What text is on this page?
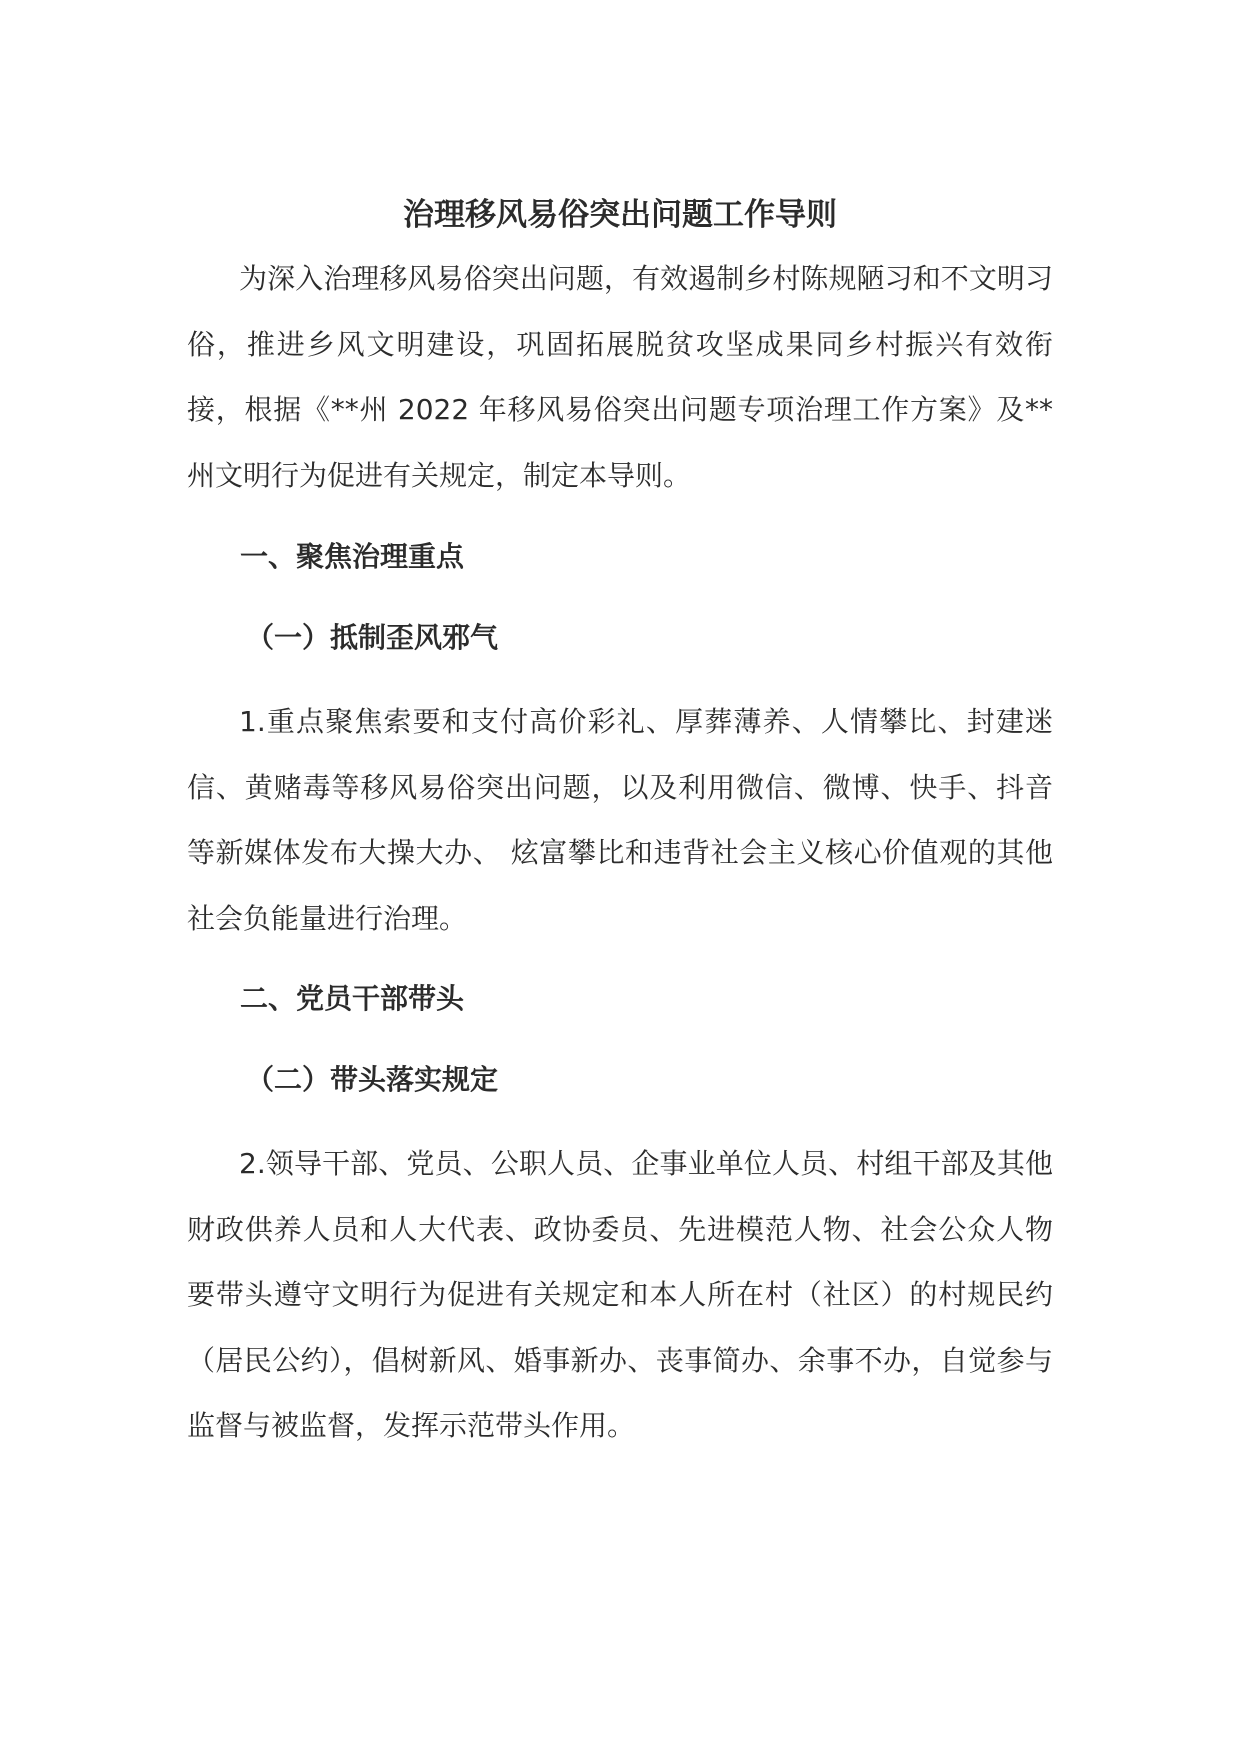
治理移风易俗突出问题工作导则

为深入治理移风易俗突出问题，有效遏制乡村陈规陋习和不文明习俗，推进乡风文明建设，巩固拓展脱贫攻坚成果同乡村振兴有效衔接，根据《**州 2022 年移风易俗突出问题专项治理工作方案》及**州文明行为促进有关规定，制定本导则。

一、聚焦治理重点
（一）抵制歪风邪气

1.重点聚焦索要和支付高价彩礼、厚葬薄养、人情攀比、封建迷信、黄赌毒等移风易俗突出问题，以及利用微信、微博、快手、抖音等新媒体发布大操大办、 炫富攀比和违背社会主义核心价值观的其他社会负能量进行治理。

二、党员干部带头
（二）带头落实规定

2.领导干部、党员、公职人员、企事业单位人员、村组干部及其他财政供养人员和人大代表、政协委员、先进模范人物、社会公众人物要带头遵守文明行为促进有关规定和本人所在村（社区）的村规民约（居民公约），倡树新风、婚事新办、丧事简办、余事不办，自觉参与监督与被监督，发挥示范带头作用。
